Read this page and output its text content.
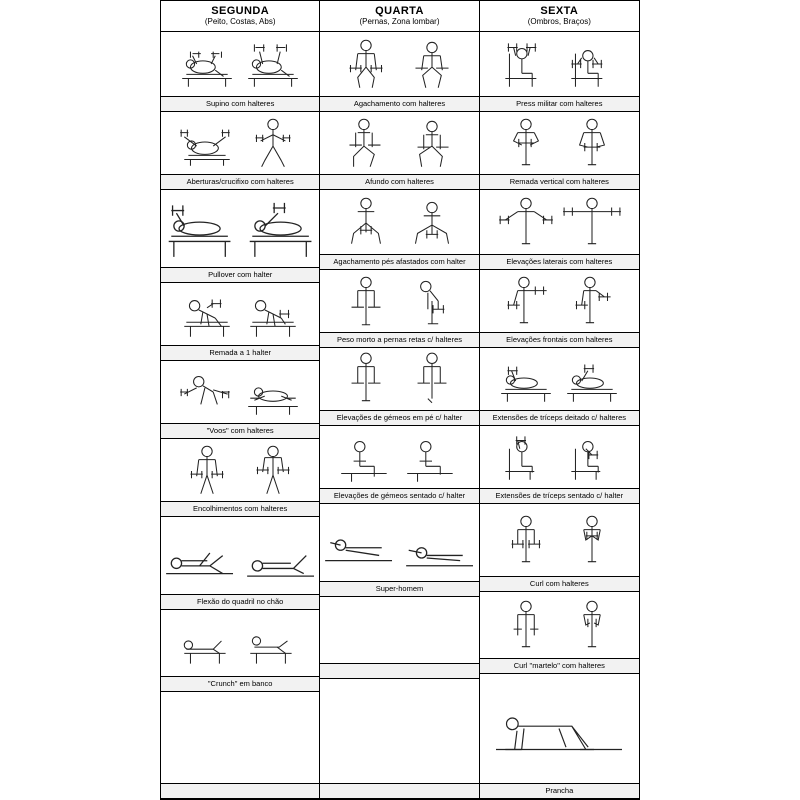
SEGUNDA
(Peito, Costas, Abs)
Supino com halteres
Aberturas/crucifixo com halteres
Pullover com halter
Remada a 1 halter
"Voos" com halteres
Encolhimentos com halteres
Flexão do quadril no chão
"Crunch" em banco
QUARTA
(Pernas, Zona lombar)
Agachamento com halteres
Afundo com halteres
Agachamento pés afastados com halter
Peso morto a pernas retas c/ halteres
Elevações de gémeos em pé c/ halter
Elevações de gémeos sentado c/ halter
Super-homem
SEXTA
(Ombros, Braços)
Press militar com halteres
Remada vertical com halteres
Elevações laterais com halteres
Elevações frontais com halteres
Extensões de tríceps deitado c/ halteres
Extensões de tríceps sentado c/ halter
Curl com halteres
Curl "martelo" com halteres
Prancha
